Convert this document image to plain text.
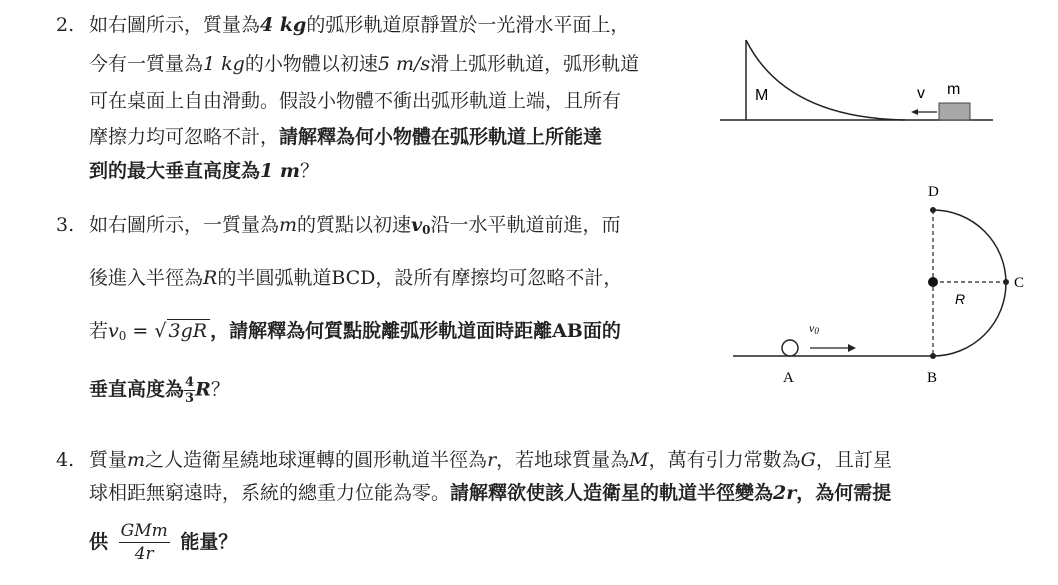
2. 如右圖所示，質量為4 kg的弧形軌道原靜置於一光滑水平面上，
今有一質量為1 kg的小物體以初速5 m/s滑上弧形軌道，弧形軌道
可在桌面上自由滑動。假設小物體不衝出弧形軌道上端，且所有
摩擦力均可忽略不計，請解釋為何小物體在弧形軌道上所能達
到的最大垂直高度為1 m？
M	v m
3. 如右圖所示，一質量為m的質點以初速$v_0$沿一水平軌道前進，而
後進入半徑為R的半圓弧軌道BCD，設所有摩擦均可忽略不計，
若$v_0$ = √ 3gR ，請解釋為何質點脫離弧形軌道面時距離AB面的
垂直高度為 $\frac{4}{3}$ R？
v0
D
C
R
A	B
4. 質量m之人造衛星繞地球運轉的圓形軌道半徑為r，若地球質量為M，萬有引力常數為G，且訂星
球相距無窮遠時，系統的總重力位能為零。請解釋欲使該人造衛星的軌道半徑變為2r，為何需提
供 $\frac{\text{GMm}}{4r}$ 能量？
